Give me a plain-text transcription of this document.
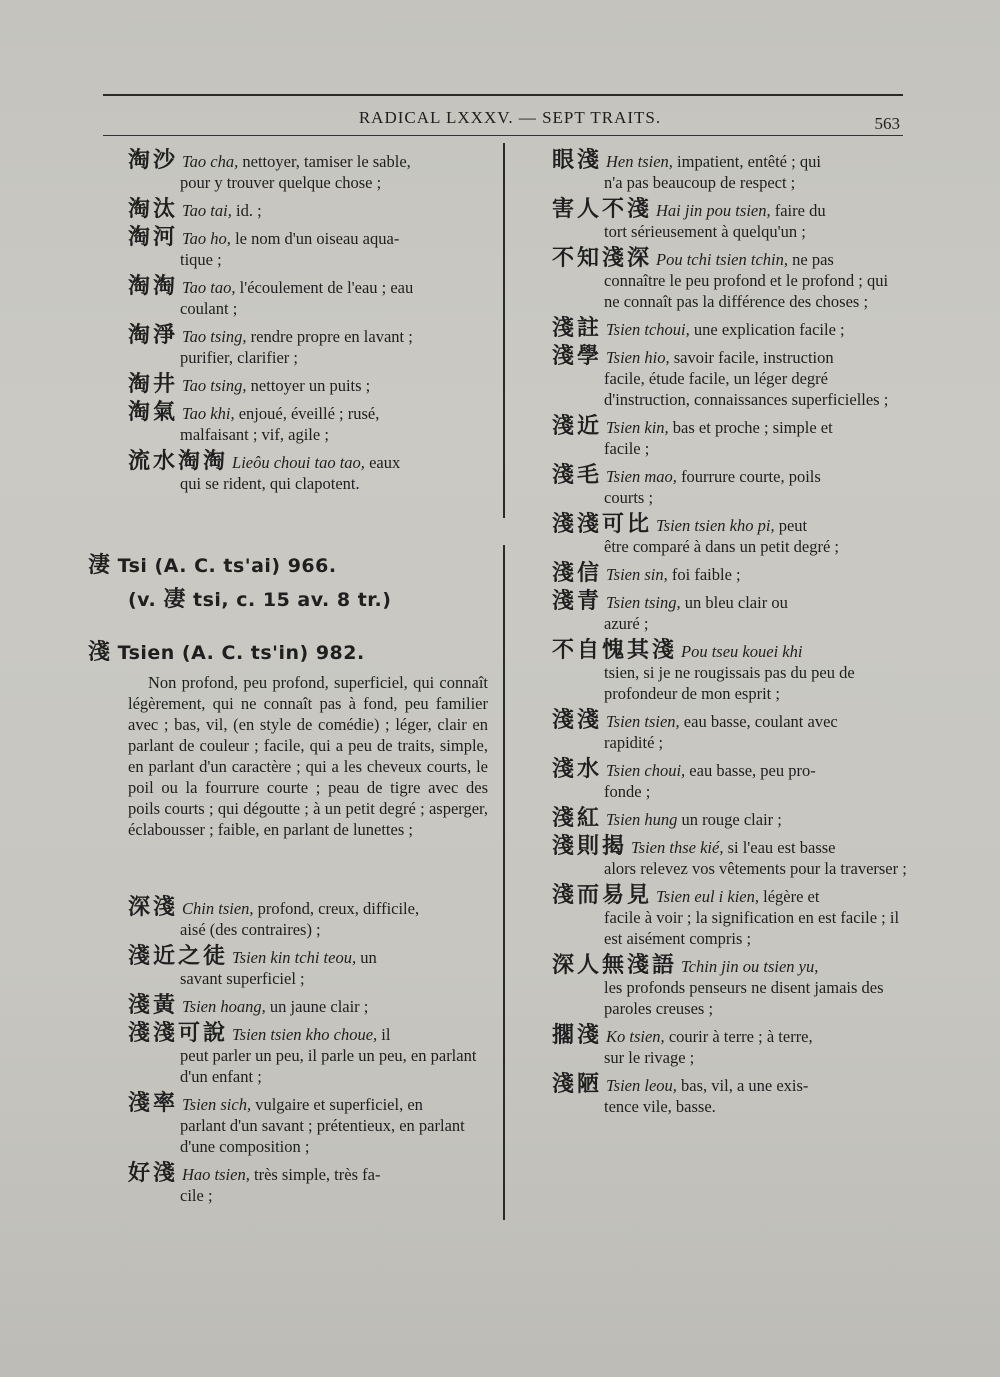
RADICAL LXXXV. — SEPT TRAITS.	563
淘沙 Tao cha, nettoyer, tamiser le sable,
pour y trouver quelque chose ;
淘汰 Tao tai, id. ;
淘河 Tao ho, le nom d'un oiseau aqua-
tique ;
淘淘 Tao tao, l'écoulement de l'eau ; eau
coulant ;
淘淨 Tao tsing, rendre propre en lavant ;
purifier, clarifier ;
淘井 Tao tsing, nettoyer un puits ;
淘氣 Tao khi, enjoué, éveillé ; rusé,
malfaisant ; vif, agile ;
流水淘淘 Lieôu choui tao tao, eaux
qui se rident, qui clapotent.
淒 Tsi (A. C. ts'ai) 966.
(v. 凄 tsi, c. 15 av. 8 tr.)
淺 Tsien (A. C. ts'in) 982.
Non profond, peu profond, superficiel, qui connaît légèrement, qui ne connaît pas à fond, peu familier avec ; bas, vil, (en style de comédie) ; léger, clair en parlant de couleur ; facile, qui a peu de traits, simple, en parlant d'un caractère ; qui a les cheveux courts, le poil ou la fourrure courte ; peau de tigre avec des poils courts ; qui dégoutte ; à un petit degré ; asperger, éclabousser ; faible, en parlant de lunettes ;
深淺 Chin tsien, profond, creux, difficile,
aisé (des contraires) ;
淺近之徒 Tsien kin tchi teou, un
savant superficiel ;
淺黃 Tsien hoang, un jaune clair ;
淺淺可說 Tsien tsien kho choue, il
peut parler un peu, il parle un peu, en parlant d'un enfant ;
淺率 Tsien sich, vulgaire et superficiel, en
parlant d'un savant ; prétentieux, en parlant d'une composition ;
好淺 Hao tsien, très simple, très fa-
cile ;
眼淺 Hen tsien, impatient, entêté ; qui
n'a pas beaucoup de respect ;
害人不淺 Hai jin pou tsien, faire du
tort sérieusement à quelqu'un ;
不知淺深 Pou tchi tsien tchin, ne pas
connaître le peu profond et le profond ; qui ne connaît pas la différence des choses ;
淺註 Tsien tchoui, une explication facile ;
淺學 Tsien hio, savoir facile, instruction
facile, étude facile, un léger degré d'instruction, connaissances superficielles ;
淺近 Tsien kin, bas et proche ; simple et
facile ;
淺毛 Tsien mao, fourrure courte, poils
courts ;
淺淺可比 Tsien tsien kho pi, peut
être comparé à dans un petit degré ;
淺信 Tsien sin, foi faible ;
淺青 Tsien tsing, un bleu clair ou
azuré ;
不自愧其淺 Pou tseu kouei khi
tsien, si je ne rougissais pas du peu de profondeur de mon esprit ;
淺淺 Tsien tsien, eau basse, coulant avec
rapidité ;
淺水 Tsien choui, eau basse, peu pro-
fonde ;
淺紅 Tsien hung un rouge clair ;
淺則揭 Tsien thse kié, si l'eau est basse
alors relevez vos vêtements pour la traverser ;
淺而易見 Tsien eul i kien, légère et
facile à voir ; la signification en est facile ; il est aisément compris ;
深人無淺語 Tchin jin ou tsien yu,
les profonds penseurs ne disent jamais des paroles creuses ;
擱淺 Ko tsien, courir à terre ; à terre,
sur le rivage ;
淺陋 Tsien leou, bas, vil, a une exis-
tence vile, basse.
